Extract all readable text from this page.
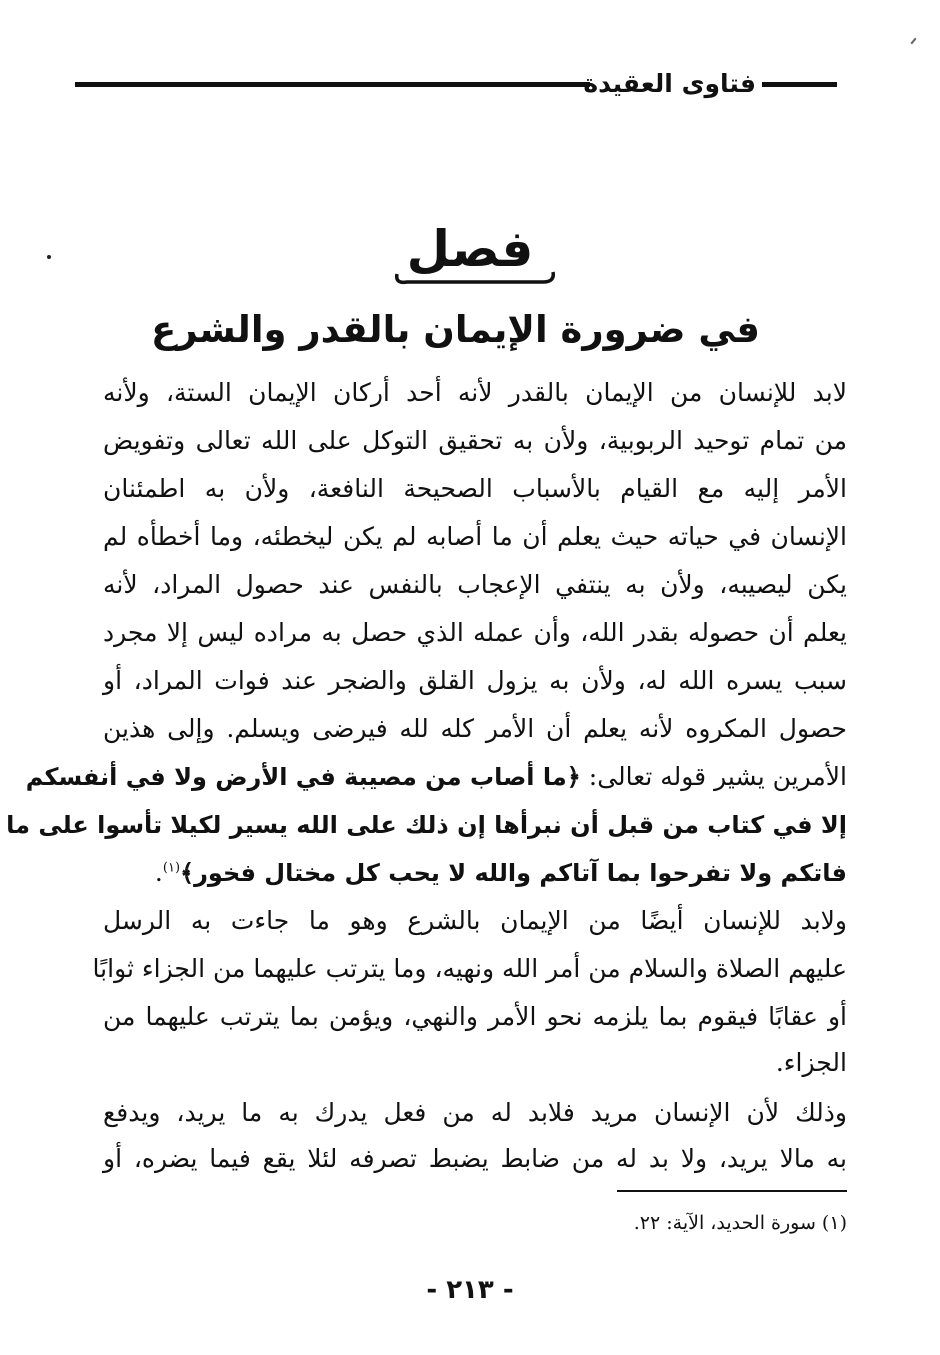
فتاوى العقيدة
فصل
في ضرورة الإيمان بالقدر والشرع
لابد للإنسان من الإيمان بالقدر لأنه أحد أركان الإيمان الستة، ولأنه
من تمام توحيد الربوبية، ولأن به تحقيق التوكل على الله تعالى وتفويض
الأمر إليه مع القيام بالأسباب الصحيحة النافعة، ولأن به اطمئنان
الإنسان في حياته حيث يعلم أن ما أصابه لم يكن ليخطئه، وما أخطأه لم
يكن ليصيبه، ولأن به ينتفي الإعجاب بالنفس عند حصول المراد، لأنه
يعلم أن حصوله بقدر الله، وأن عمله الذي حصل به مراده ليس إلا مجرد
سبب يسره الله له، ولأن به يزول القلق والضجر عند فوات المراد، أو
حصول المكروه لأنه يعلم أن الأمر كله لله فيرضى ويسلم. وإلى هذين
الأمرين يشير قوله تعالى: ﴿ما أصاب من مصيبة في الأرض ولا في أنفسكم
إلا في كتاب من قبل أن نبرأها إن ذلك على الله يسير لكيلا تأسوا على ما
فاتكم ولا تفرحوا بما آتاكم والله لا يحب كل مختال فخور﴾$^{(١)}$.
ولابد للإنسان أيضًا من الإيمان بالشرع وهو ما جاءت به الرسل
عليهم الصلاة والسلام من أمر الله ونهيه، وما يترتب عليهما من الجزاء ثوابًا
أو عقابًا فيقوم بما يلزمه نحو الأمر والنهي، ويؤمن بما يترتب عليهما من
الجزاء.
وذلك لأن الإنسان مريد فلابد له من فعل يدرك به ما يريد، ويدفع
به مالا يريد، ولا بد له من ضابط يضبط تصرفه لئلا يقع فيما يضره، أو
(١) سورة الحديد، الآية: ٢٢.
- ٢١٣ -
